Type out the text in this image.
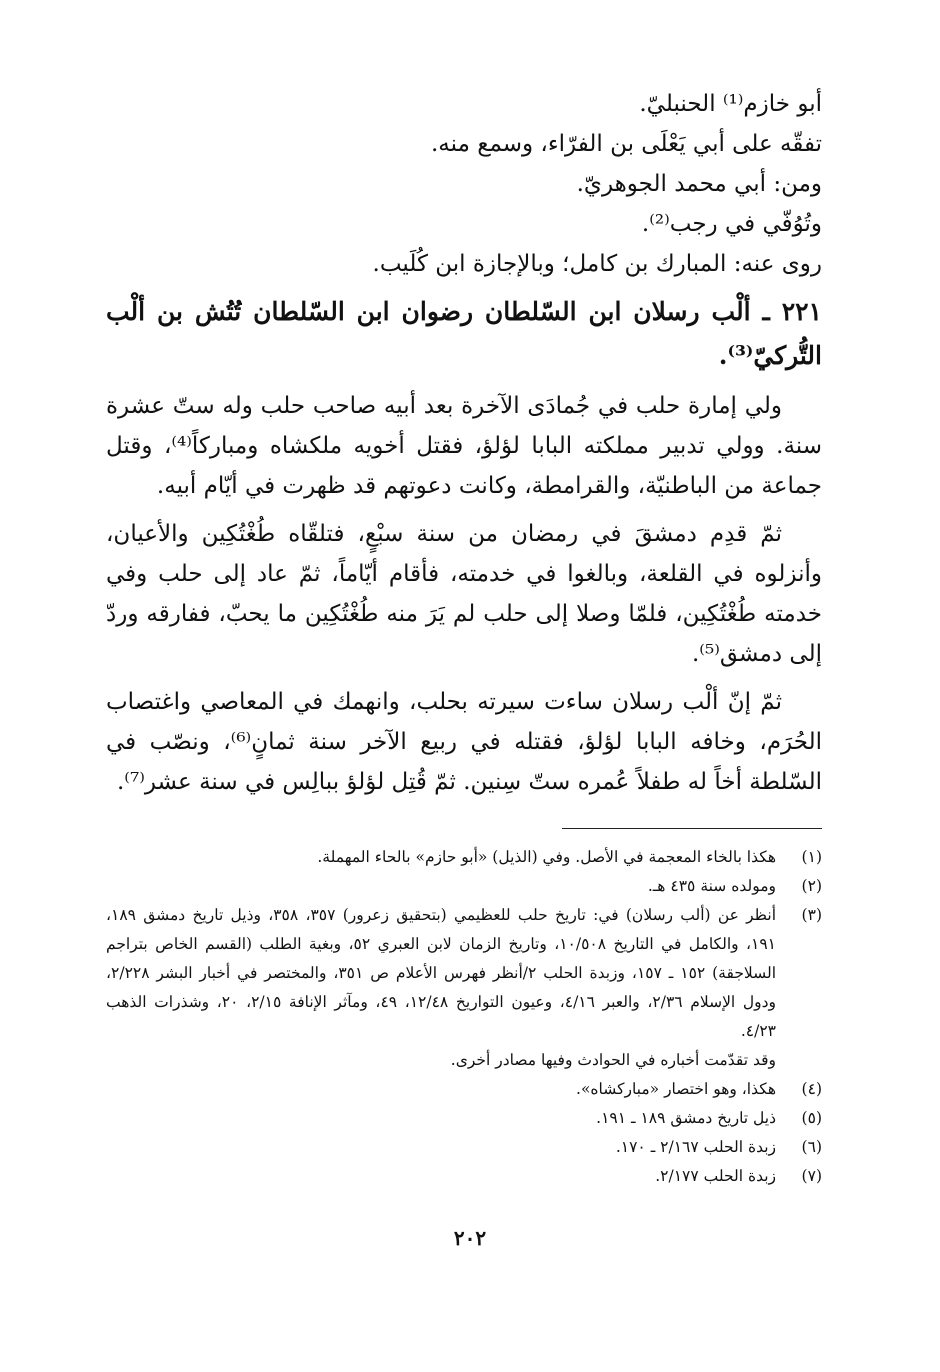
أبو خازم⁽¹⁾ الحنبليّ.

تفقّه على أبي يَعْلَى بن الفرّاء، وسمع منه.

ومن: أبي محمد الجوهريّ.

وتُوُفّي في رجب⁽²⁾.

روى عنه: المبارك بن كامل؛ وبالإجازة ابن كُلَيب.

٢٢١ ـ ألْب رسلان ابن السّلطان رضوان ابن السّلطان تُتُش بن ألْب التُّركيّ⁽³⁾.

ولي إمارة حلب في جُمادَى الآخرة بعد أبيه صاحب حلب وله ستّ عشرة سنة. وولي تدبير مملكته البابا لؤلؤ، فقتل أخويه ملكشاه ومباركاً⁽⁴⁾، وقتل جماعة من الباطنيّة، والقرامطة، وكانت دعوتهم قد ظهرت في أيّام أبيه.

ثمّ قدِم دمشقَ في رمضان من سنة سبْعٍ، فتلقّاه طُغْتُكِين والأعيان، وأنزلوه في القلعة، وبالغوا في خدمته، فأقام أيّاماً، ثمّ عاد إلى حلب وفي خدمته طُغْتُكِين، فلمّا وصلا إلى حلب لم يَرَ منه طُغْتُكِين ما يحبّ، ففارقه وردّ إلى دمشق⁽⁵⁾.

ثمّ إنّ ألْب رسلان ساءت سيرته بحلب، وانهمك في المعاصي واغتصاب الحُرَم، وخافه البابا لؤلؤ، فقتله في ربيع الآخر سنة ثمانٍ⁽⁶⁾، ونصّب في السّلطة أخاً له طفلاً عُمره ستّ سِنين. ثمّ قُتِل لؤلؤ ببالِس في سنة عشر⁽⁷⁾.

(١)
هكذا بالخاء المعجمة في الأصل. وفي (الذيل) «أبو حازم» بالحاء المهملة.
(٢)
ومولده سنة ٤٣٥ هـ.
(٣)
أنظر عن (ألب رسلان) في: تاريخ حلب للعظيمي (بتحقيق زعرور) ٣٥٧، ٣٥٨، وذيل تاريخ دمشق ١٨٩، ١٩١، والكامل في التاريخ ١٠/٥٠٨، وتاريخ الزمان لابن العبري ٥٢، وبغية الطلب (القسم الخاص بتراجم السلاجقة) ١٥٢ ـ ١٥٧، وزبدة الحلب ٢/أنظر فهرس الأعلام ص ٣٥١، والمختصر في أخبار البشر ٢/٢٢٨، ودول الإسلام ٢/٣٦، والعبر ٤/١٦، وعيون التواريخ ١٢/٤٨، ٤٩، ومآثر الإنافة ٢/١٥، ٢٠، وشذرات الذهب ٤/٢٣.
وقد تقدّمت أخباره في الحوادث وفيها مصادر أخرى.
(٤)
هكذا، وهو اختصار «مباركشاه».
(٥)
ذيل تاريخ دمشق ١٨٩ ـ ١٩١.
(٦)
زبدة الحلب ٢/١٦٧ ـ ١٧٠.
(٧)
زبدة الحلب ٢/١٧٧.
٢٠٢
